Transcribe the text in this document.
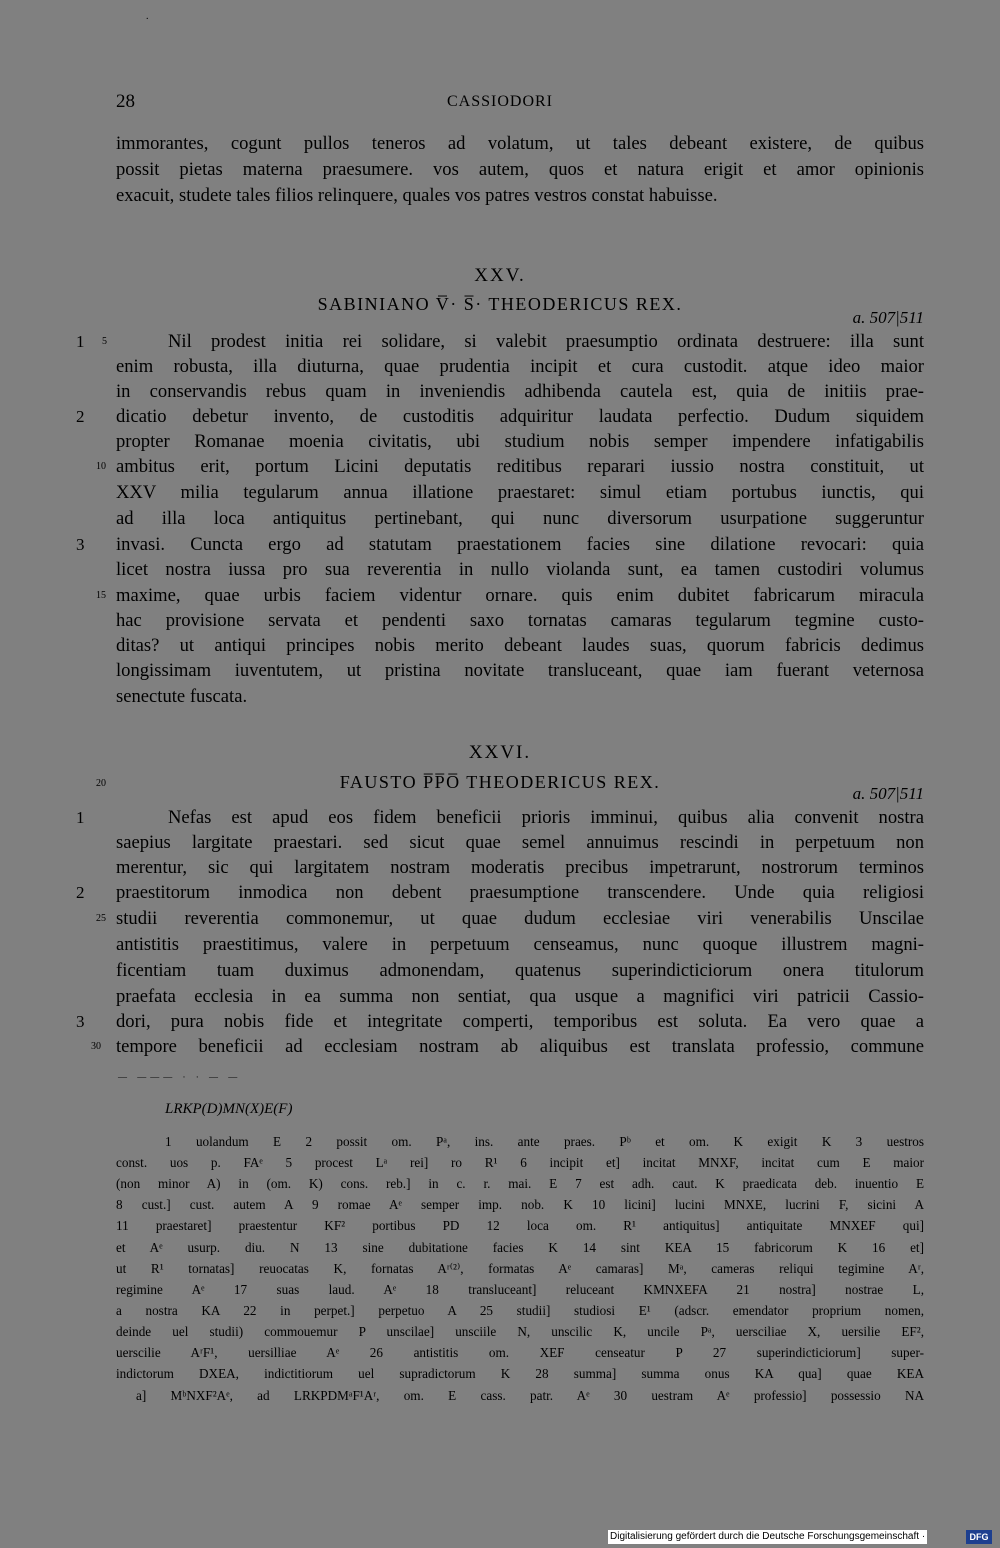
.
28	CASSIODORI
immorantes, cogunt pullos teneros ad volatum, ut tales debeant existere, de quibus
possit pietas materna praesumere. vos autem, quos et natura erigit et amor opinionis
exacuit, studete tales filios relinquere, quales vos patres vestros constat habuisse.
XXV.
SABINIANO V̅· S̅· THEODERICUS REX.
a. 507|511
1 5	Nil prodest initia rei solidare, si valebit praesumptio ordinata destruere: illa sunt
enim robusta, illa diuturna, quae prudentia incipit et cura custodit. atque ideo maior
in conservandis rebus quam in inveniendis adhibenda cautela est, quia de initiis prae-
2 dicatio debetur invento, de custoditis adquiritur laudata perfectio. Dudum siquidem
propter Romanae moenia civitatis, ubi studium nobis semper impendere infatigabilis
10 ambitus erit, portum Licini deputatis reditibus reparari iussio nostra constituit, ut
XXV milia tegularum annua illatione praestaret: simul etiam portubus iunctis, qui
ad illa loca antiquitus pertinebant, qui nunc diversorum usurpatione suggeruntur
3 invasi. Cuncta ergo ad statutam praestationem facies sine dilatione revocari: quia
licet nostra iussa pro sua reverentia in nullo violanda sunt, ea tamen custodiri volumus
15 maxime, quae urbis faciem videntur ornare. quis enim dubitet fabricarum miracula
hac provisione servata et pendenti saxo tornatas camaras tegularum tegmine custo-
ditas? ut antiqui principes nobis merito debeant laudes suas, quorum fabricis dedimus
longissimam iuventutem, ut pristina novitate transluceant, quae iam fuerant veternosa
senectute fuscata.
XXVI.
20	FAUSTO P̅P̅O̅ THEODERICUS REX.
a. 507|511
1	Nefas est apud eos fidem beneficii prioris imminui, quibus alia convenit nostra
saepius largitate praestari. sed sicut quae semel annuimus rescindi in perpetuum non
merentur, sic qui largitatem nostram moderatis precibus impetrarunt, nostrorum terminos
2 praestitorum inmodica non debent praesumptione transcendere. Unde quia religiosi
25 studii reverentia commonemur, ut quae dudum ecclesiae viri venerabilis Unscilae
antistitis praestitimus, valere in perpetuum censeamus, nunc quoque illustrem magni-
ficentiam tuam duximus admonendam, quatenus superindicticiorum onera titulorum
praefata ecclesia in ea summa non sentiat, qua usque a magnifici viri patricii Cassio-
3 dori, pura nobis fide et integritate comperti, temporibus est soluta. Ea vero quae a
30 tempore beneficii ad ecclesiam nostram ab aliquibus est translata professio, commune
— ——— · · — —
LRKP(D)MN(X)E(F)
1 uolandum E 2 possit om. Pᵃ, ins. ante praes. Pᵇ et om. K exigit K 3 uestros
const. uos p. FAᵉ 5 procest Lᵃ rei] ro R¹ 6 incipit et] incitat MNXF, incitat cum E maior
(non minor A) in (om. K) cons. reb.] in c. r. mai. E 7 est adh. caut. K praedicata deb. inuentio E
8 cust.] cust. autem A 9 romae Aᵉ semper imp. nob. K 10 licini] lucini MNXE, lucrini F, sicini A
11 praestaret] praestentur KF² portibus PD 12 loca om. R¹ antiquitus] antiquitate MNXEF qui]
et Aᵉ usurp. diu. N 13 sine dubitatione facies K 14 sint KEA 15 fabricorum K 16 et]
ut R¹ tornatas] reuocatas K, fornatas Aʳ⁽²⁾, formatas Aᵉ camaras] Mᵃ, cameras reliqui tegimine Aʳ,
regimine Aᵉ 17 suas laud. Aᵉ 18 transluceant] reluceant KMNXEFA 21 nostra] nostrae L,
a nostra KA 22 in perpet.] perpetuo A 25 studii] studiosi E¹ (adscr. emendator proprium nomen,
deinde uel studii) commouemur P unscilae] unsciile N, unscilic K, uncile Pᵃ, uersciliae X, uersilie EF²,
uerscilie AʳF¹, uersilliae Aᵉ 26 antistitis om. XEF censeatur P 27 superindicticiorum] super-
indictorum DXEA, indictitiorum uel supradictorum K 28 summa] summa onus KA qua] quae KEA
a] MᵇNXF²Aᵉ, ad LRKPDMᵃF¹Aʳ, om. E cass. patr. Aᵉ 30 uestram Aᵉ professio] possessio NA
Digitalisierung gefördert durch die Deutsche Forschungsgemeinschaft ·	DFG
